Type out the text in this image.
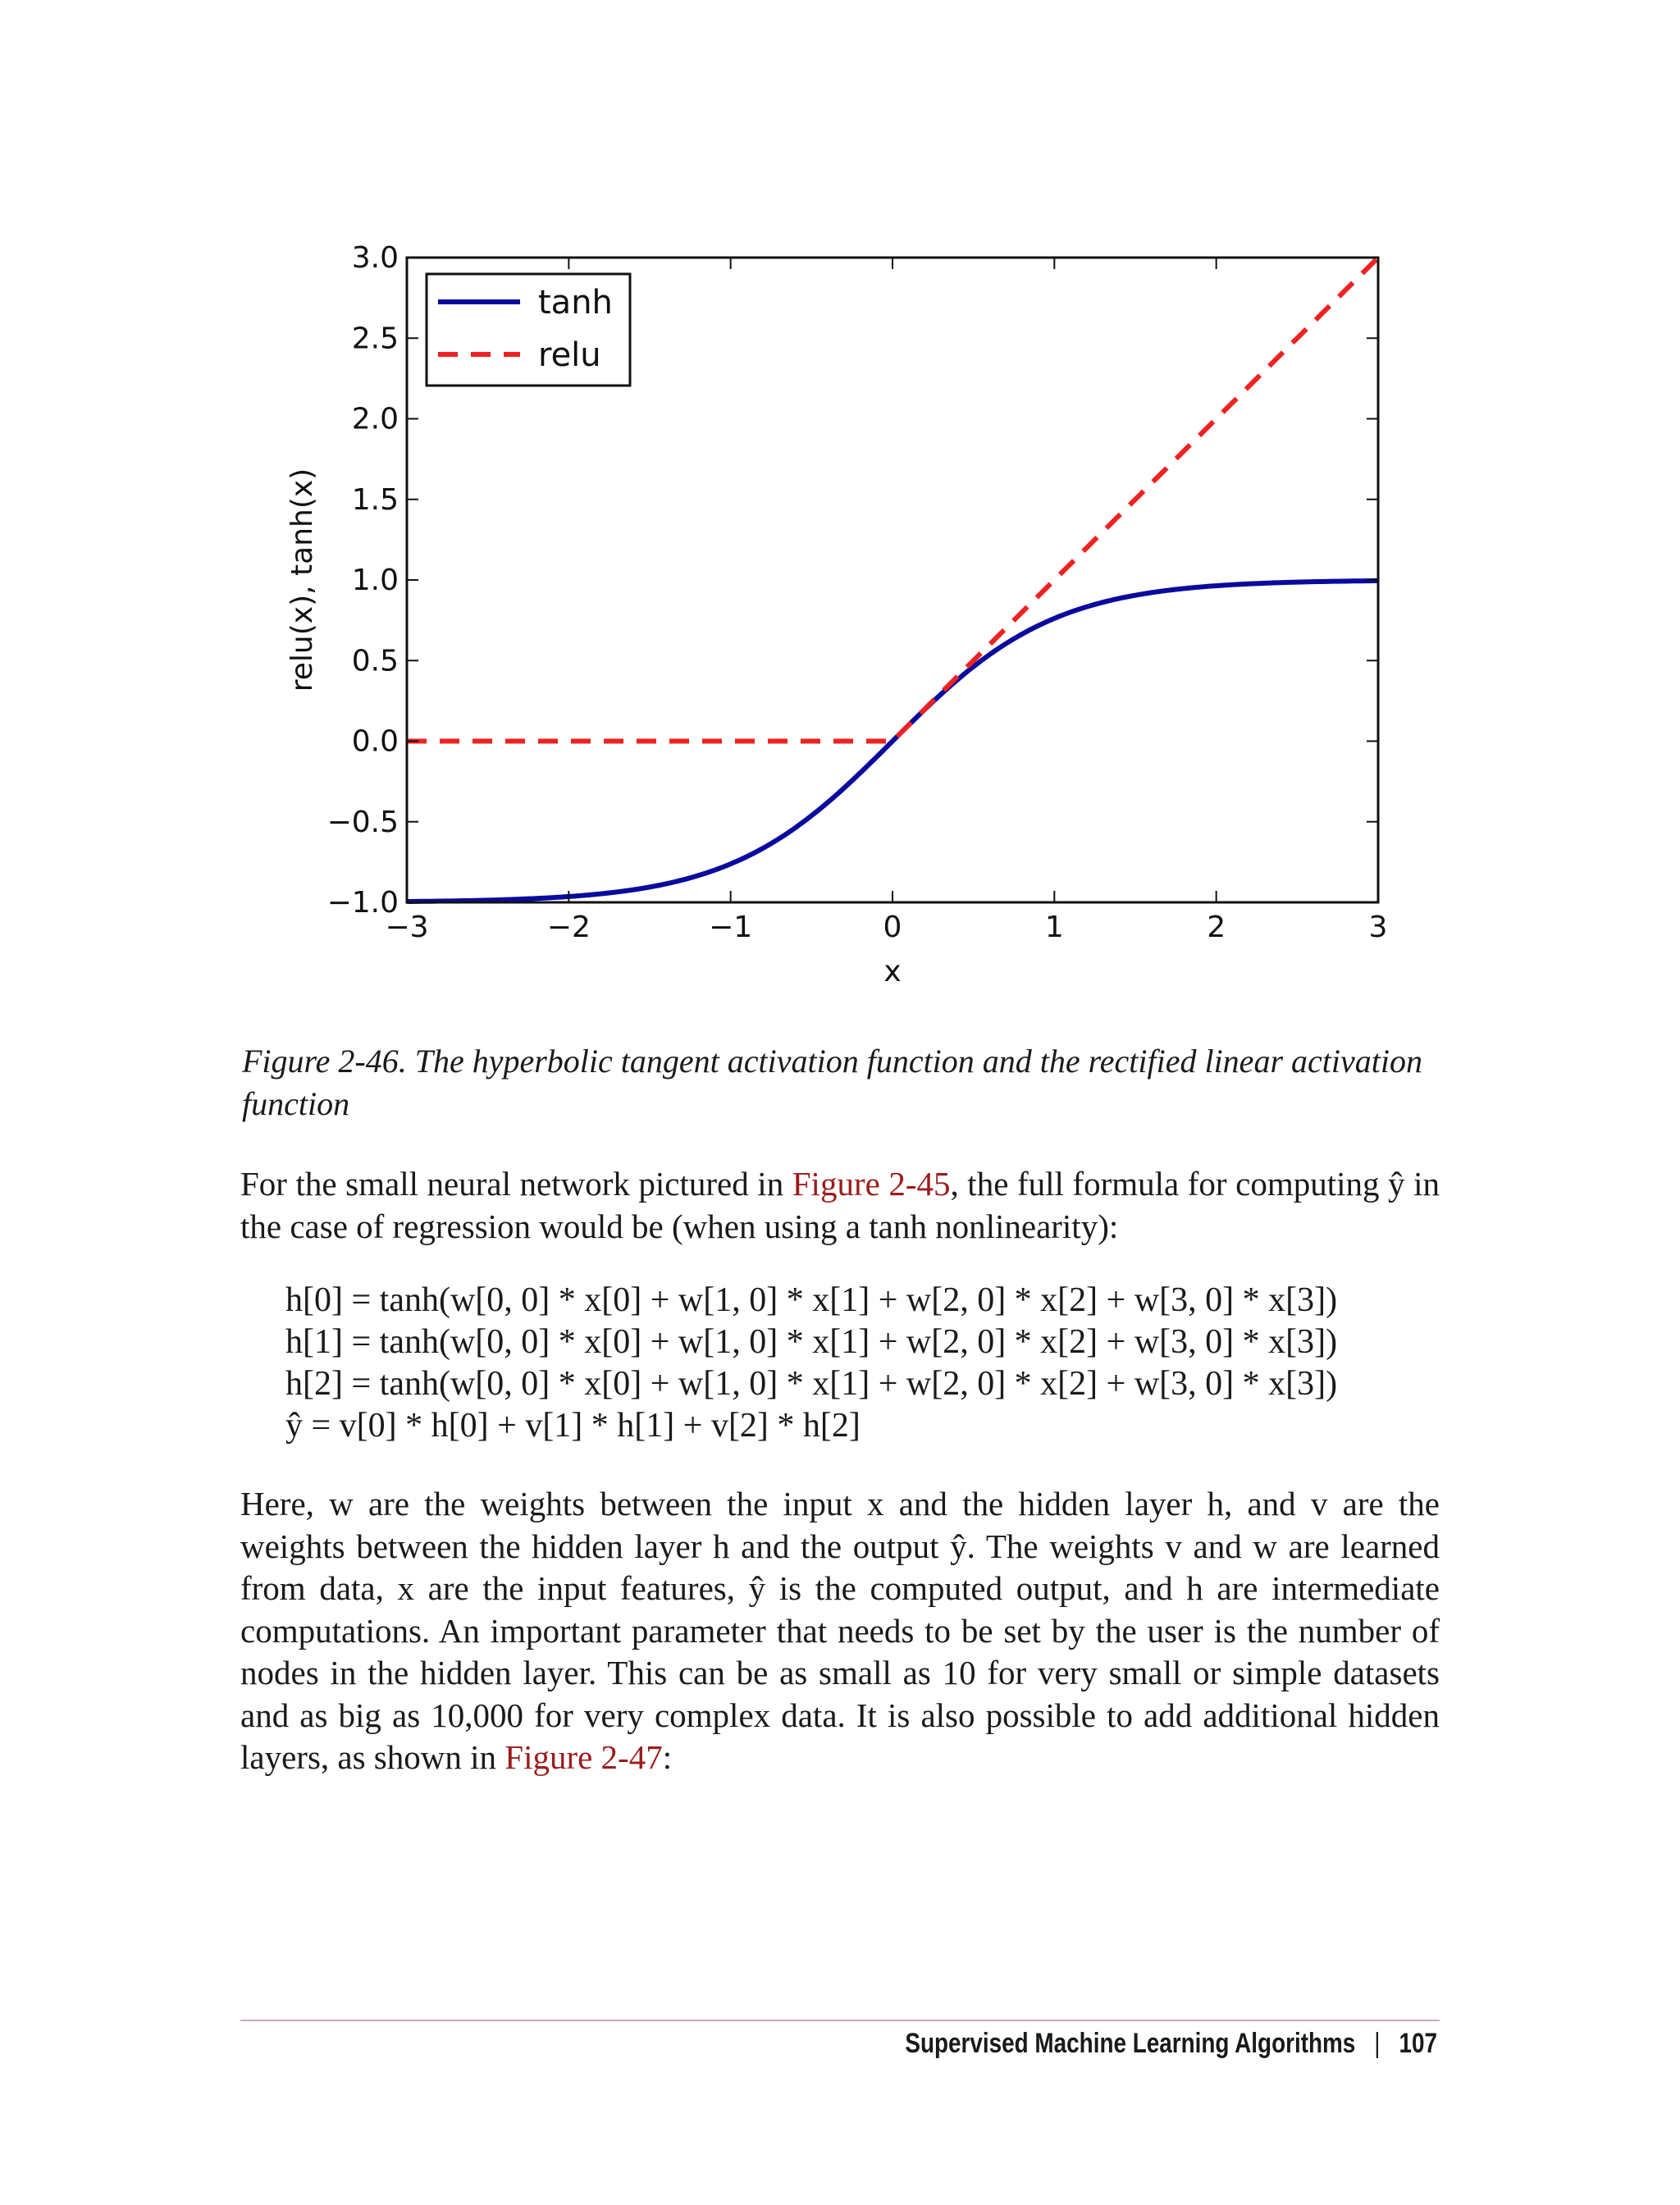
−3	−2	−1	0	1	2	3
−1.0
−0.5
0.0
0.5
1.0
1.5
2.0
2.5
3.0
relu(x), tanh(x)
x
tanh
relu
Figure 2-46. The hyperbolic tangent activation function and the rectified linear activation function

For the small neural network pictured in Figure 2-45, the full formula for computing ŷ in the case of regression would be (when using a tanh nonlinearity):

h[0] = tanh(w[0, 0] * x[0] + w[1, 0] * x[1] + w[2, 0] * x[2] + w[3, 0] * x[3])
h[1] = tanh(w[0, 0] * x[0] + w[1, 0] * x[1] + w[2, 0] * x[2] + w[3, 0] * x[3])
h[2] = tanh(w[0, 0] * x[0] + w[1, 0] * x[1] + w[2, 0] * x[2] + w[3, 0] * x[3])
ŷ = v[0] * h[0] + v[1] * h[1] + v[2] * h[2]

Here, w are the weights between the input x and the hidden layer h, and v are the weights between the hidden layer h and the output ŷ. The weights v and w are learned from data, x are the input features, ŷ is the computed output, and h are intermediate computations. An important parameter that needs to be set by the user is the number of nodes in the hidden layer. This can be as small as 10 for very small or simple datasets and as big as 10,000 for very complex data. It is also possible to add additional hidden layers, as shown in Figure 2-47:

Supervised Machine Learning Algorithms | 107
